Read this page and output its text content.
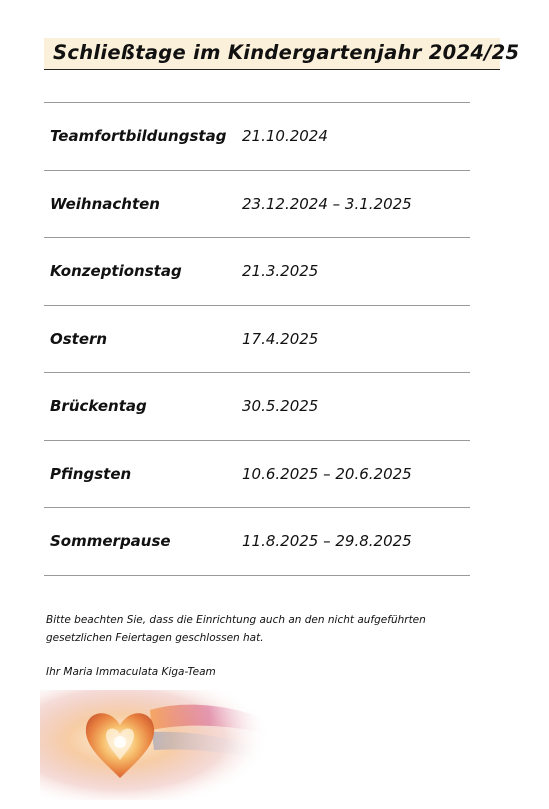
Schließtage im Kindergartenjahr 2024/25
Teamfortbildungstag 21.10.2024
Weihnachten	23.12.2024 – 3.1.2025
Konzeptionstag	21.3.2025
Ostern	17.4.2025
Brückentag	30.5.2025
Pfingsten	10.6.2025 – 20.6.2025
Sommerpause	11.8.2025 – 29.8.2025
Bitte beachten Sie, dass die Einrichtung auch an den nicht aufgeführten
gesetzlichen Feiertagen geschlossen hat.
Ihr Maria Immaculata Kiga-Team
